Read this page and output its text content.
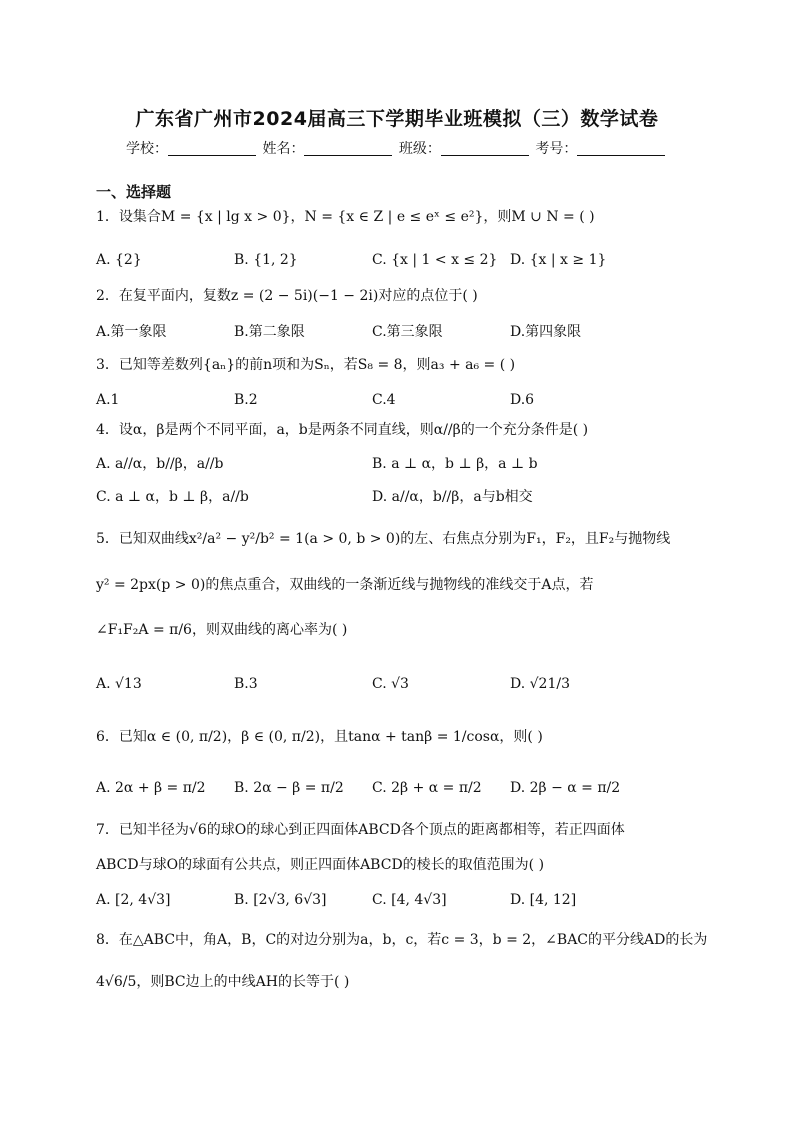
广东省广州市2024届高三下学期毕业班模拟（三）数学试卷
学校：	姓名：	班级：	考号：
一、选择题
1．设集合M = {x | lg x > 0}，N = {x ∈ Z | e ≤ eˣ ≤ e²}，则M ∪ N = ( )
A. {2}	B. {1, 2}	C. {x | 1 < x ≤ 2} D. {x | x ≥ 1}
2．在复平面内，复数z = (2 − 5i)(−1 − 2i)对应的点位于( )
A.第一象限	B.第二象限	C.第三象限	D.第四象限
3．已知等差数列{aₙ}的前n项和为Sₙ，若S₈ = 8，则a₃ + a₆ = ( )
A.1	B.2	C.4	D.6
4．设α，β是两个不同平面，a，b是两条不同直线，则α//β的一个充分条件是( )
A. a//α，b//β，a//b	B. a ⊥ α，b ⊥ β，a ⊥ b
C. a ⊥ α，b ⊥ β，a//b	D. a//α，b//β，a与b相交
5．已知双曲线x²/a² − y²/b² = 1(a > 0, b > 0)的左、右焦点分别为F₁，F₂，且F₂与抛物线
y² = 2px(p > 0)的焦点重合，双曲线的一条渐近线与抛物线的准线交于A点，若
∠F₁F₂A = π/6，则双曲线的离心率为( )
A. √13	B.3	C. √3	D. √21/3
6．已知α ∈ (0, π/2)，β ∈ (0, π/2)，且tanα + tanβ = 1/cosα，则( )
A. 2α + β = π/2 B. 2α − β = π/2 C. 2β + α = π/2 D. 2β − α = π/2
7．已知半径为√6的球O的球心到正四面体ABCD各个顶点的距离都相等，若正四面体
ABCD与球O的球面有公共点，则正四面体ABCD的棱长的取值范围为( )
A. [2, 4√3]	B. [2√3, 6√3]	C. [4, 4√3]	D. [4, 12]
8．在△ABC中，角A，B，C的对边分别为a，b，c，若c = 3，b = 2，∠BAC的平分线AD的长为
4√6/5，则BC边上的中线AH的长等于( )
